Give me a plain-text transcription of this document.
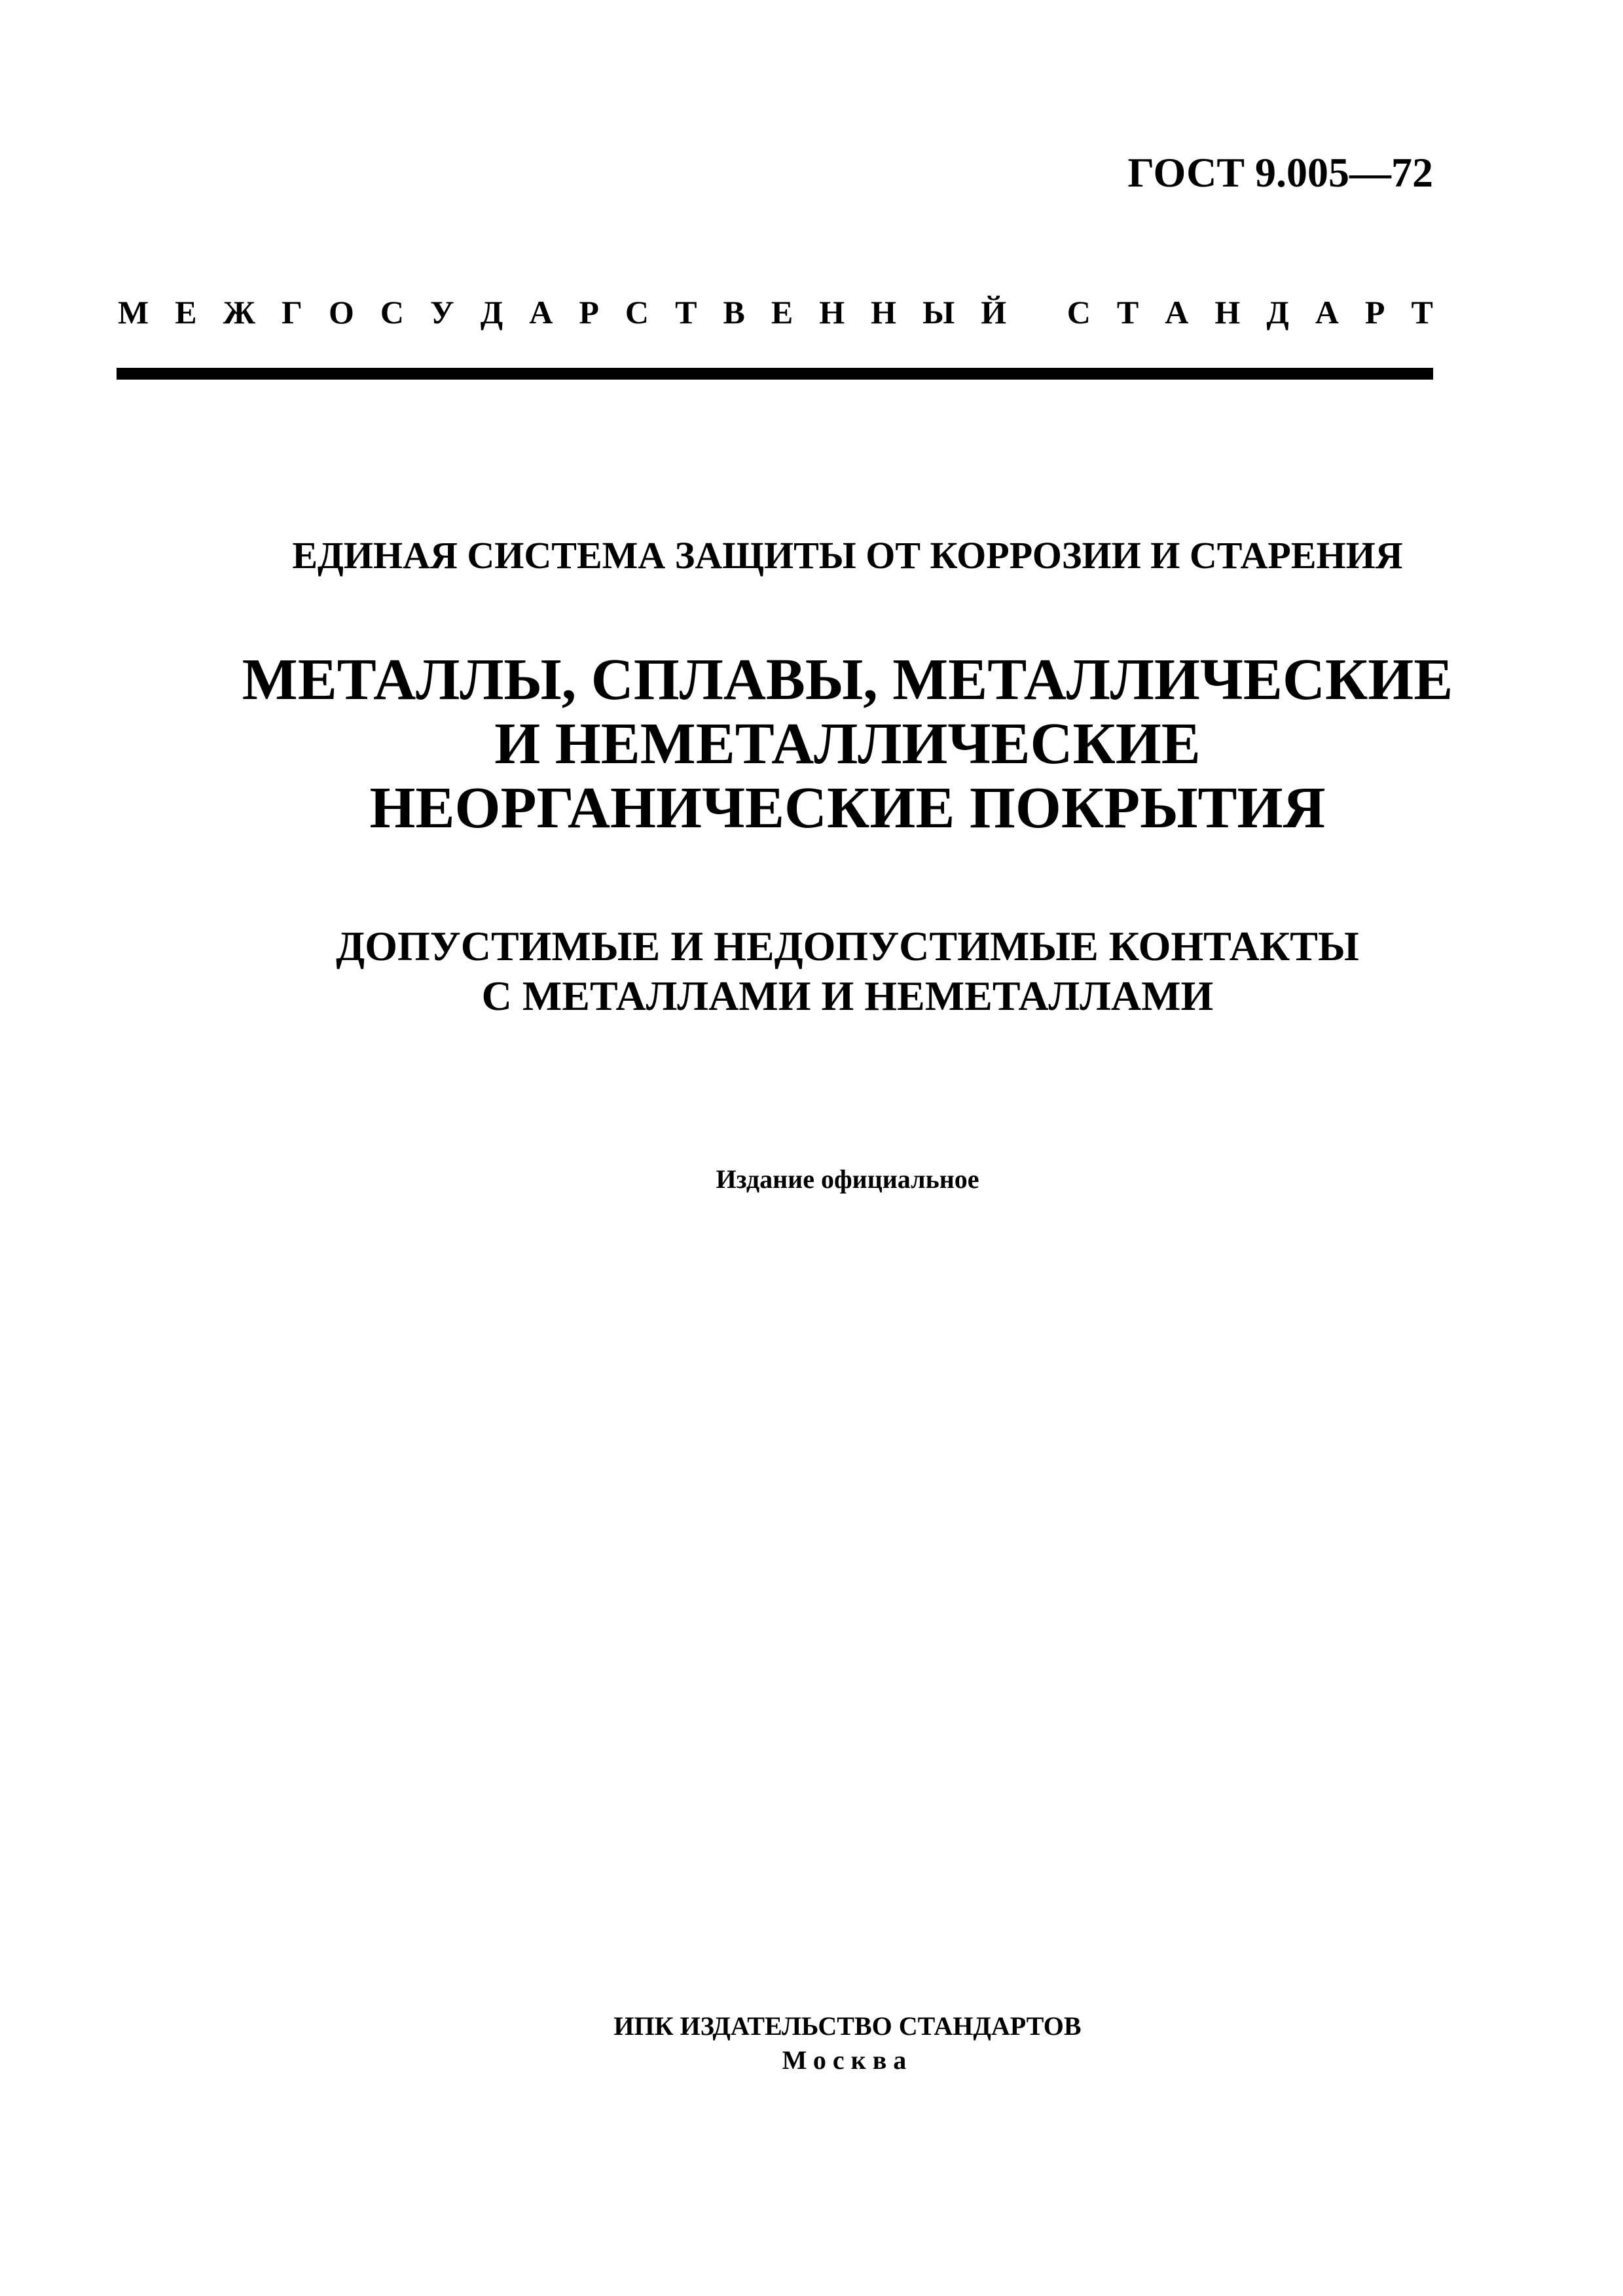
ГОСТ 9.005—72
М Е Ж Г О С У Д А Р С Т В Е Н Н Ы Й
С Т А Н Д А Р Т
ЕДИНАЯ СИСТЕМА ЗАЩИТЫ ОТ КОРРОЗИИ И СТАРЕНИЯ
МЕТАЛЛЫ, СПЛАВЫ, МЕТАЛЛИЧЕСКИЕ
И НЕМЕТАЛЛИЧЕСКИЕ
НЕОРГАНИЧЕСКИЕ ПОКРЫТИЯ
ДОПУСТИМЫЕ И НЕДОПУСТИМЫЕ КОНТАКТЫ
С МЕТАЛЛАМИ И НЕМЕТАЛЛАМИ
Издание официальное
ИПК ИЗДАТЕЛЬСТВО СТАНДАРТОВ
Москва
